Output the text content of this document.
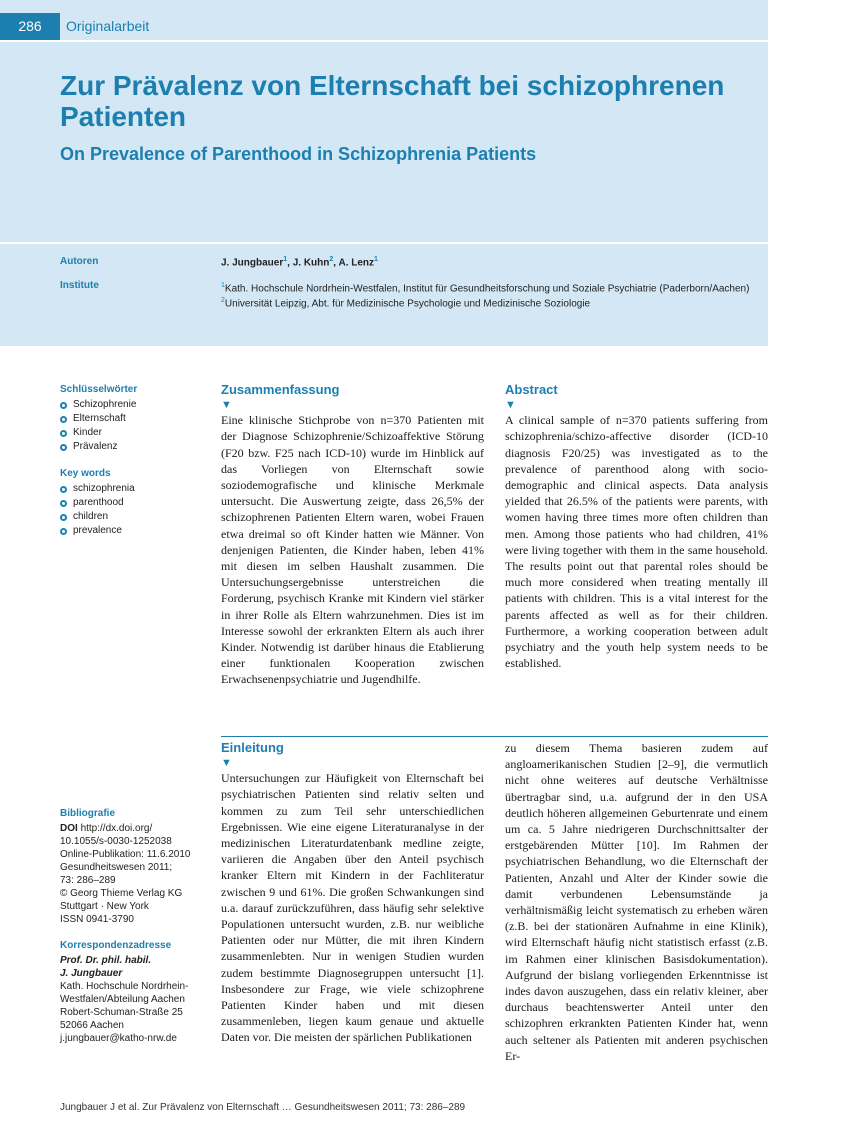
286	Originalarbeit
Zur Prävalenz von Elternschaft bei schizophrenen Patienten
On Prevalence of Parenthood in Schizophrenia Patients
Autoren	J. Jungbauer$^1$, J. Kuhn$^2$, A. Lenz$^1$
Institute	$^1$Kath. Hochschule Nordrhein-Westfalen, Institut für Gesundheitsforschung und Soziale Psychiatrie (Paderborn/Aachen)
$^2$Universität Leipzig, Abt. für Medizinische Psychologie und Medizinische Soziologie
Schlüsselwörter
Schizophrenie
Elternschaft
Kinder
Prävalenz
Key words
schizophrenia
parenthood
children
prevalence
Bibliografie
DOI http://dx.doi.org/
10.1055/s-0030-1252038
Online-Publikation: 11.6.2010
Gesundheitswesen 2011;
73: 286–289
© Georg Thieme Verlag KG
Stuttgart · New York
ISSN 0941-3790
Korrespondenzadresse
Prof. Dr. phil. habil.
J. Jungbauer
Kath. Hochschule Nordrhein-
Westfalen/Abteilung Aachen
Robert-Schuman-Straße 25
52066 Aachen
j.jungbauer@katho-nrw.de
Zusammenfassung
▼

Eine klinische Stichprobe von n=370 Patienten mit der Diagnose Schizophrenie/Schizoaffektive Störung (F20 bzw. F25 nach ICD-10) wurde im Hinblick auf das Vorliegen von Elternschaft sowie soziodemografische und klinische Merkmale untersucht. Die Auswertung zeigte, dass 26,5% der schizophrenen Patienten Eltern waren, wobei Frauen etwa dreimal so oft Kinder hatten wie Männer. Von denjenigen Patienten, die Kinder haben, leben 41% mit diesen im selben Haushalt zusammen. Die Untersuchungsergebnisse unterstreichen die Forderung, psychisch Kranke mit Kindern viel stärker in ihrer Rolle als Eltern wahrzunehmen. Dies ist im Interesse sowohl der erkrankten Eltern als auch ihrer Kinder. Notwendig ist darüber hinaus die Etablierung einer funktionalen Kooperation zwischen Erwachsenenpsychiatrie und Jugendhilfe.

Abstract
▼

A clinical sample of n=370 patients suffering from schizophrenia/schizo-affective disorder (ICD-10 diagnosis F20/25) was investigated as to the prevalence of parenthood along with socio-demographic and clinical aspects. Data analysis yielded that 26.5% of the patients were parents, with women having three times more often children than men. Among those patients who had children, 41% were living together with them in the same household. The results point out that parental roles should be much more considered when treating mentally ill patients with children. This is a vital interest for the parents affected as well as for their children. Furthermore, a working cooperation between adult psychiatry and the youth help system needs to be established.

Einleitung
▼

Untersuchungen zur Häufigkeit von Elternschaft bei psychiatrischen Patienten sind relativ selten und kommen zu zum Teil sehr unterschiedlichen Ergebnissen. Wie eine eigene Literaturanalyse in der medizinischen Literaturdatenbank medline zeigte, variieren die Angaben über den Anteil psychisch kranker Eltern mit Kindern in der Fachliteratur zwischen 9 und 61%. Die großen Schwankungen sind u.a. darauf zurückzuführen, dass häufig sehr selektive Populationen untersucht wurden, z.B. nur weibliche Patienten oder nur Mütter, die mit ihren Kindern zusammenlebten. Nur in wenigen Studien wurden zudem bestimmte Diagnosegruppen untersucht [1]. Insbesondere zur Frage, wie viele schizophrene Patienten Kinder haben und mit diesen zusammenleben, liegen kaum genaue und aktuelle Daten vor. Die meisten der spärlichen Publikationen

zu diesem Thema basieren zudem auf angloamerikanischen Studien [2–9], die vermutlich nicht ohne weiteres auf deutsche Verhältnisse übertragbar sind, u.a. aufgrund der in den USA deutlich höheren allgemeinen Geburtenrate und einem um ca. 5 Jahre niedrigeren Durchschnittsalter der erstgebärenden Mütter [10]. Im Rahmen der psychiatrischen Behandlung, wo die Elternschaft der Patienten, Anzahl und Alter der Kinder sowie die damit verbundenen Lebensumstände ja verhältnismäßig leicht systematisch zu erheben wären (z.B. bei der stationären Aufnahme in eine Klinik), wird Elternschaft häufig nicht statistisch erfasst (z.B. im Rahmen einer klinischen Basisdokumentation). Aufgrund der bislang vorliegenden Erkenntnisse ist indes davon auszugehen, dass ein relativ kleiner, aber durchaus beachtenswerter Anteil unter den schizophren erkrankten Patienten Kinder hat, wenn auch seltener als Patienten mit anderen psychischen Er-

Jungbauer J et al. Zur Prävalenz von Elternschaft … Gesundheitswesen 2011; 73: 286–289
